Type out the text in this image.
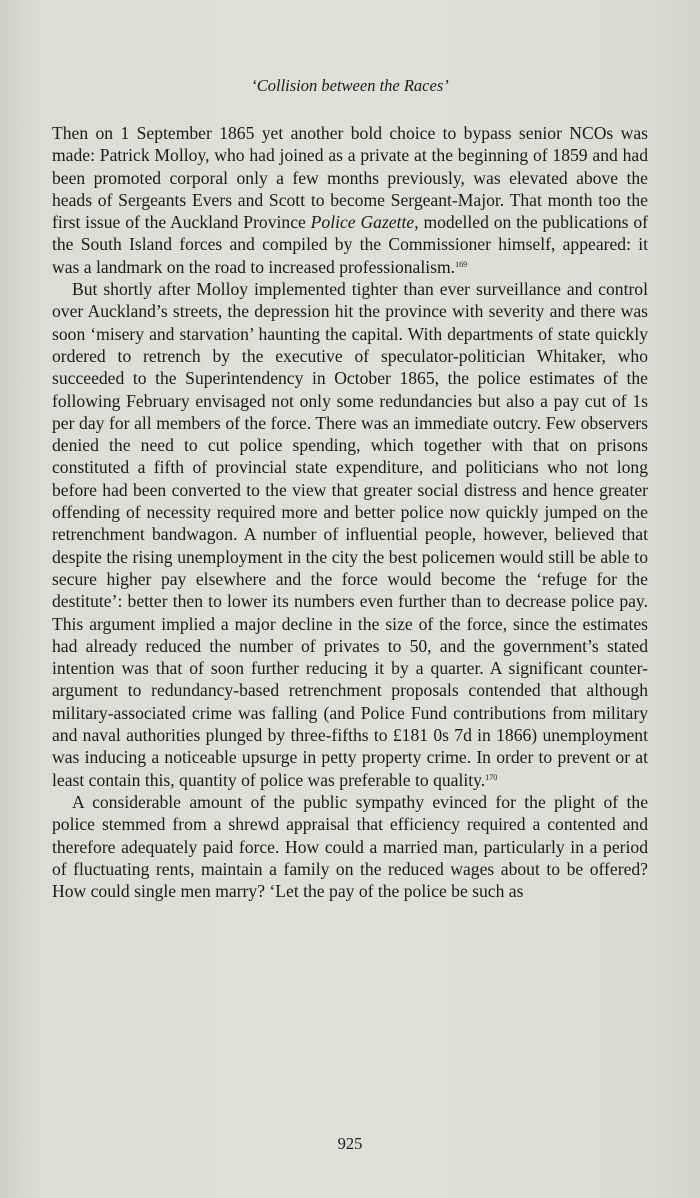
‘Collision between the Races’

Then on 1 September 1865 yet another bold choice to bypass senior NCOs was made: Patrick Molloy, who had joined as a private at the beginning of 1859 and had been promoted corporal only a few months previously, was elevated above the heads of Sergeants Evers and Scott to become Sergeant-Major. That month too the first issue of the Auckland Province Police Gazette, modelled on the publications of the South Island forces and compiled by the Commissioner himself, appeared: it was a landmark on the road to increased professionalism.$^{169}$

But shortly after Molloy implemented tighter than ever surveillance and control over Auckland’s streets, the depression hit the province with severity and there was soon ‘misery and starvation’ haunting the capital. With departments of state quickly ordered to retrench by the executive of speculator-politician Whitaker, who succeeded to the Superintendency in October 1865, the police estimates of the following February envisaged not only some redundancies but also a pay cut of 1s per day for all members of the force. There was an immediate outcry. Few observers denied the need to cut police spending, which together with that on prisons constituted a fifth of provincial state expenditure, and politicians who not long before had been converted to the view that greater social distress and hence greater offending of necessity required more and better police now quickly jumped on the retrenchment bandwagon. A number of influential people, however, believed that despite the rising unemployment in the city the best policemen would still be able to secure higher pay elsewhere and the force would become the ‘refuge for the destitute’: better then to lower its numbers even further than to decrease police pay. This argument implied a major decline in the size of the force, since the estimates had already reduced the number of privates to 50, and the government’s stated intention was that of soon further reducing it by a quarter. A significant counter-argument to redundancy-based retrenchment proposals contended that although military-associated crime was falling (and Police Fund contributions from military and naval authorities plunged by three-fifths to £181 0s 7d in 1866) unemployment was inducing a noticeable upsurge in petty property crime. In order to prevent or at least contain this, quantity of police was preferable to quality.$^{170}$

A considerable amount of the public sympathy evinced for the plight of the police stemmed from a shrewd appraisal that efficiency required a contented and therefore adequately paid force. How could a married man, particularly in a period of fluctuating rents, maintain a family on the reduced wages about to be offered? How could single men marry? ‘Let the pay of the police be such as

925
